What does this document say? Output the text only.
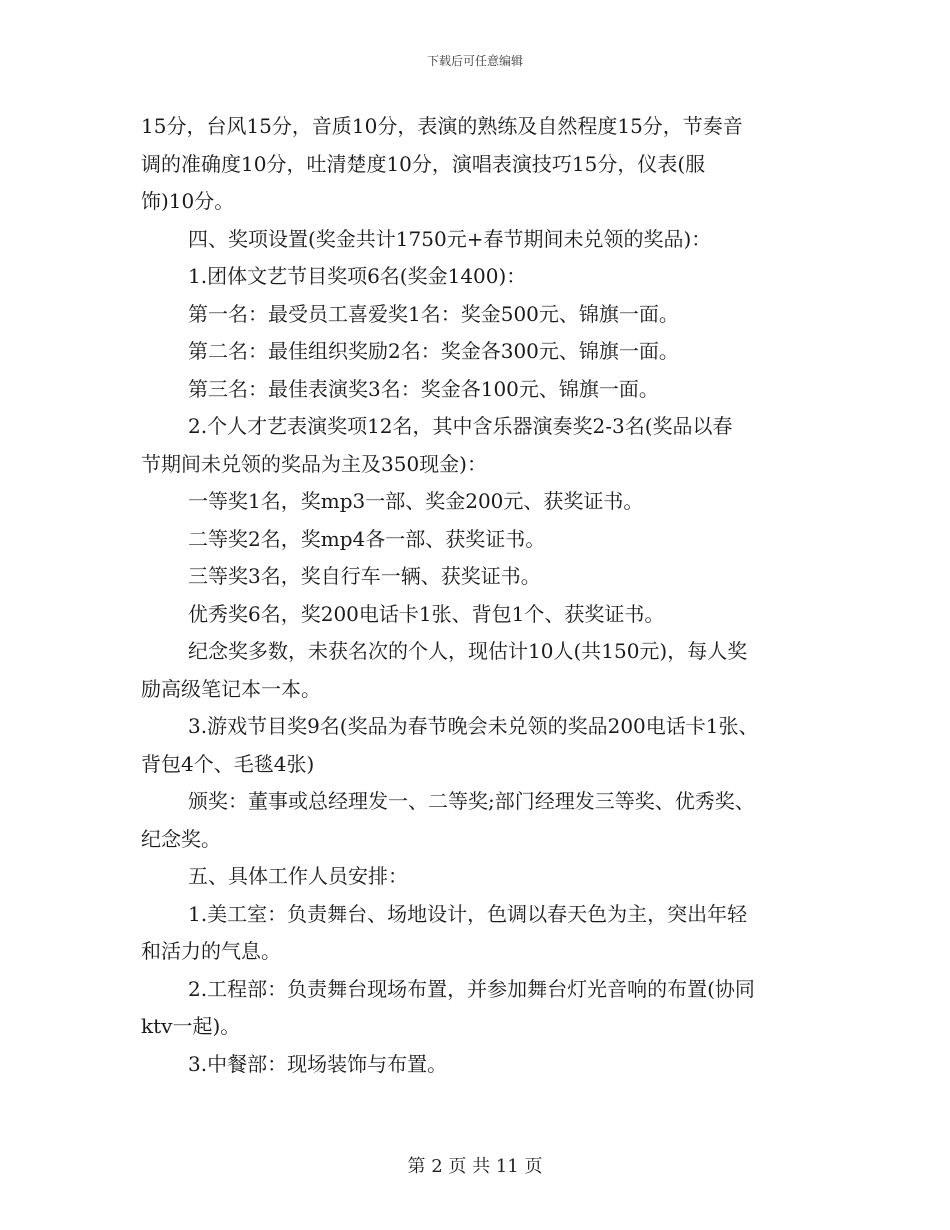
下载后可任意编辑

15分，台风15分，音质10分，表演的熟练及自然程度15分，节奏音

调的准确度10分，吐清楚度10分，演唱表演技巧15分，仪表(服

饰)10分。

四、奖项设置(奖金共计1750元+春节期间未兑领的奖品)：

1.团体文艺节目奖项6名(奖金1400)：

第一名：最受员工喜爱奖1名：奖金500元、锦旗一面。

第二名：最佳组织奖励2名：奖金各300元、锦旗一面。

第三名：最佳表演奖3名：奖金各100元、锦旗一面。

2.个人才艺表演奖项12名，其中含乐器演奏奖2-3名(奖品以春

节期间未兑领的奖品为主及350现金)：

一等奖1名，奖mp3一部、奖金200元、获奖证书。

二等奖2名，奖mp4各一部、获奖证书。

三等奖3名，奖自行车一辆、获奖证书。

优秀奖6名，奖200电话卡1张、背包1个、获奖证书。

纪念奖多数，未获名次的个人，现估计10人(共150元)，每人奖

励高级笔记本一本。

3.游戏节目奖9名(奖品为春节晚会未兑领的奖品200电话卡1张、

背包4个、毛毯4张)

颁奖：董事或总经理发一、二等奖;部门经理发三等奖、优秀奖、

纪念奖。

五、具体工作人员安排：

1.美工室：负责舞台、场地设计，色调以春天色为主，突出年轻

和活力的气息。

2.工程部：负责舞台现场布置，并参加舞台灯光音响的布置(协同

ktv一起)。

3.中餐部：现场装饰与布置。

第 2 页 共 11 页
